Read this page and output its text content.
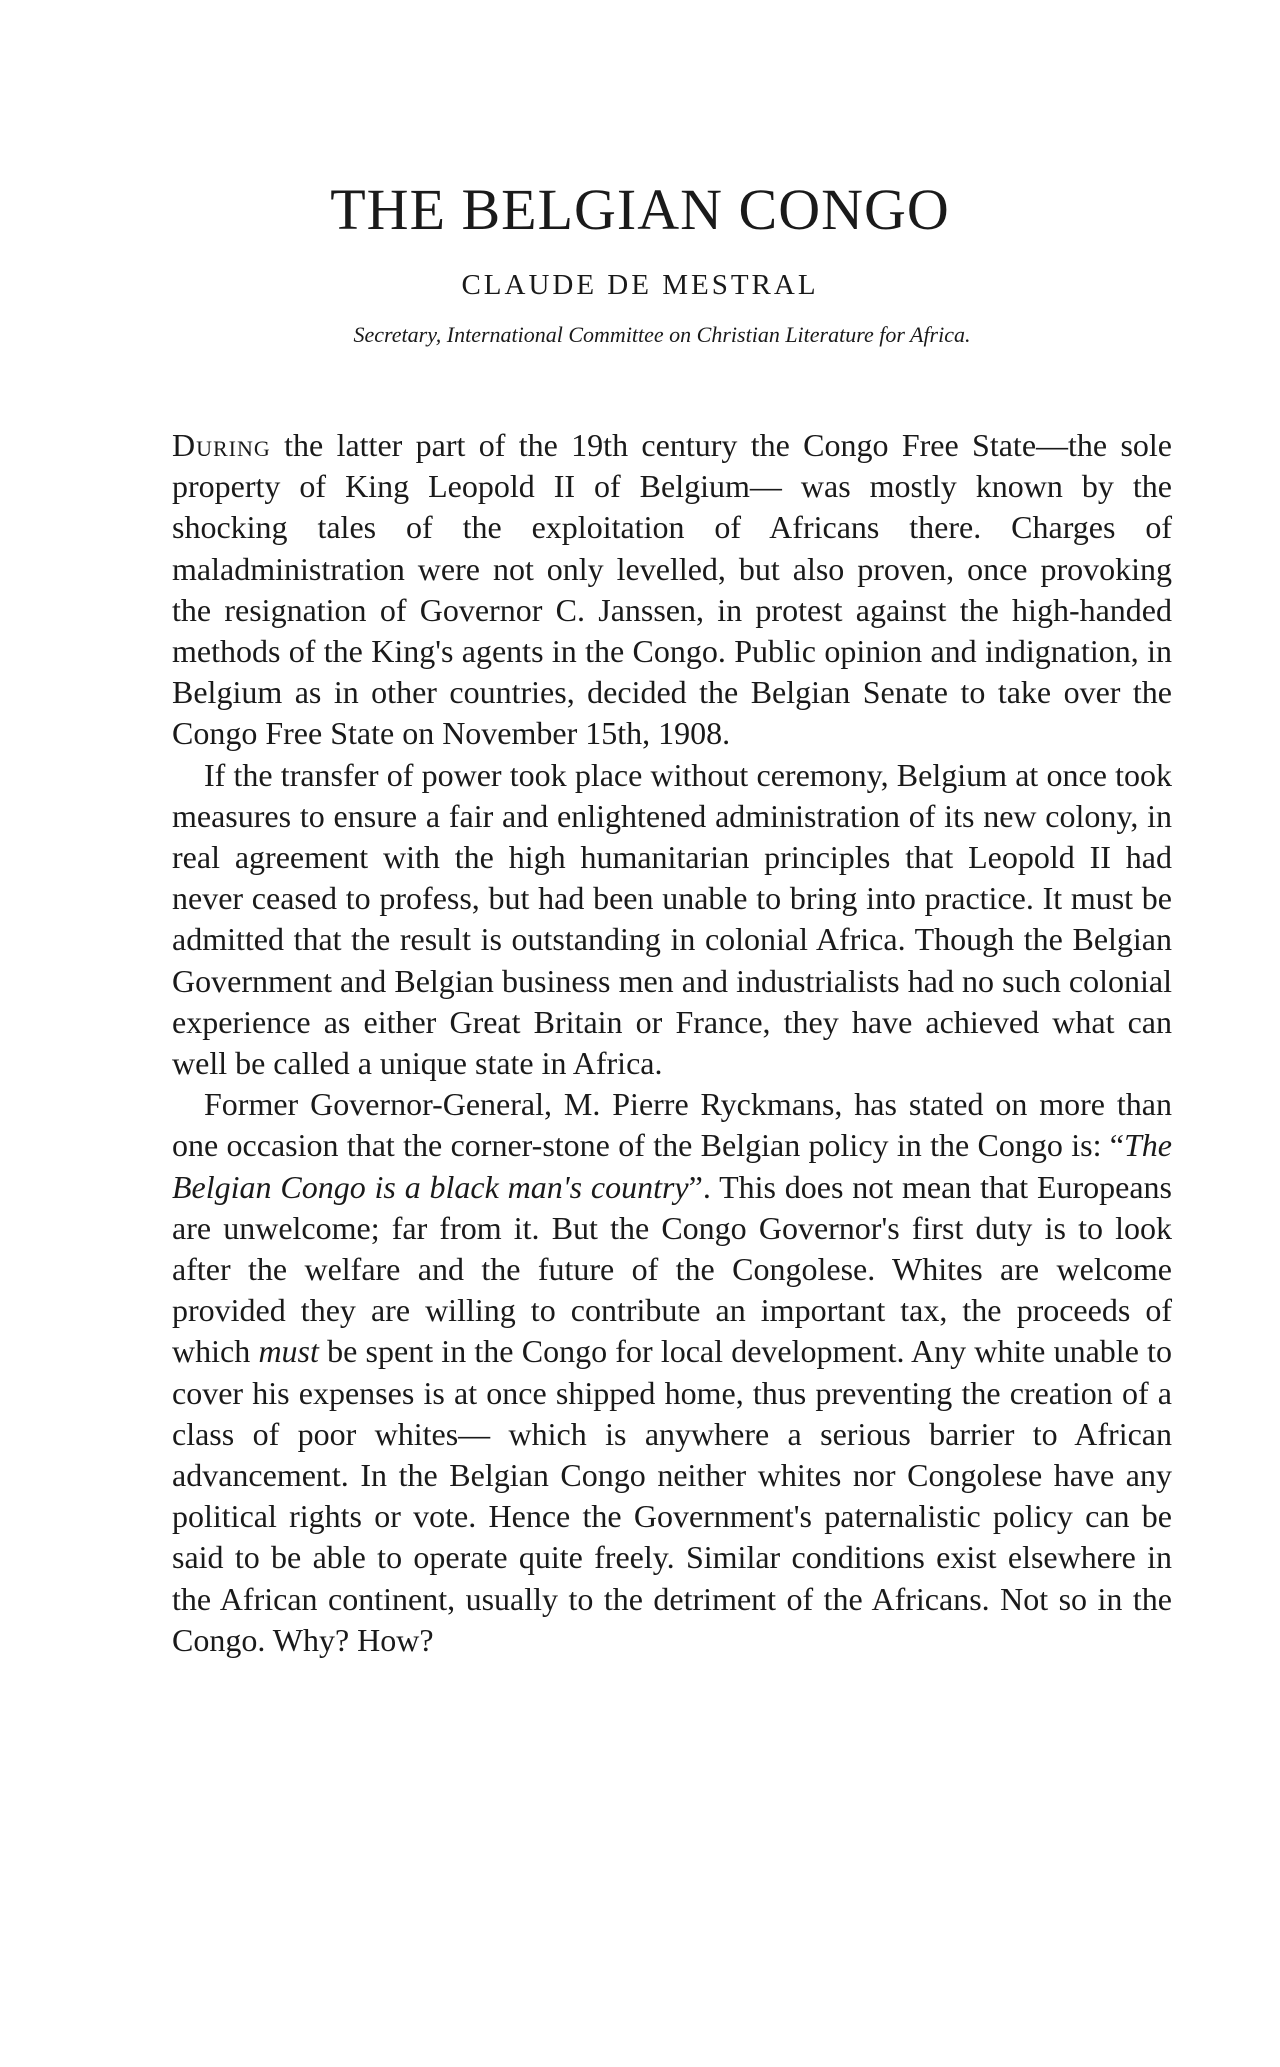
THE BELGIAN CONGO
CLAUDE DE MESTRAL
Secretary, International Committee on Christian Literature for Africa.

During the latter part of the 19th century the Congo Free State—the sole property of King Leopold II of Belgium— was mostly known by the shocking tales of the exploitation of Africans there. Charges of maladministration were not only levelled, but also proven, once provoking the resignation of Governor C. Janssen, in protest against the high-handed methods of the King's agents in the Congo. Public opinion and indignation, in Belgium as in other countries, decided the Belgian Senate to take over the Congo Free State on November 15th, 1908.

If the transfer of power took place without ceremony, Belgium at once took measures to ensure a fair and enlightened administration of its new colony, in real agreement with the high humanitarian principles that Leopold II had never ceased to profess, but had been unable to bring into practice. It must be admitted that the result is outstanding in colonial Africa. Though the Belgian Government and Belgian business men and industrialists had no such colonial experience as either Great Britain or France, they have achieved what can well be called a unique state in Africa.

Former Governor-General, M. Pierre Ryckmans, has stated on more than one occasion that the corner-stone of the Belgian policy in the Congo is: “The Belgian Congo is a black man's country”. This does not mean that Europeans are unwelcome; far from it. But the Congo Governor's first duty is to look after the welfare and the future of the Congolese. Whites are welcome provided they are willing to contribute an important tax, the proceeds of which must be spent in the Congo for local development. Any white unable to cover his expenses is at once shipped home, thus preventing the creation of a class of poor whites— which is anywhere a serious barrier to African advancement. In the Belgian Congo neither whites nor Congolese have any political rights or vote. Hence the Government's paternalistic policy can be said to be able to operate quite freely. Similar conditions exist elsewhere in the African continent, usually to the detriment of the Africans. Not so in the Congo. Why? How?
